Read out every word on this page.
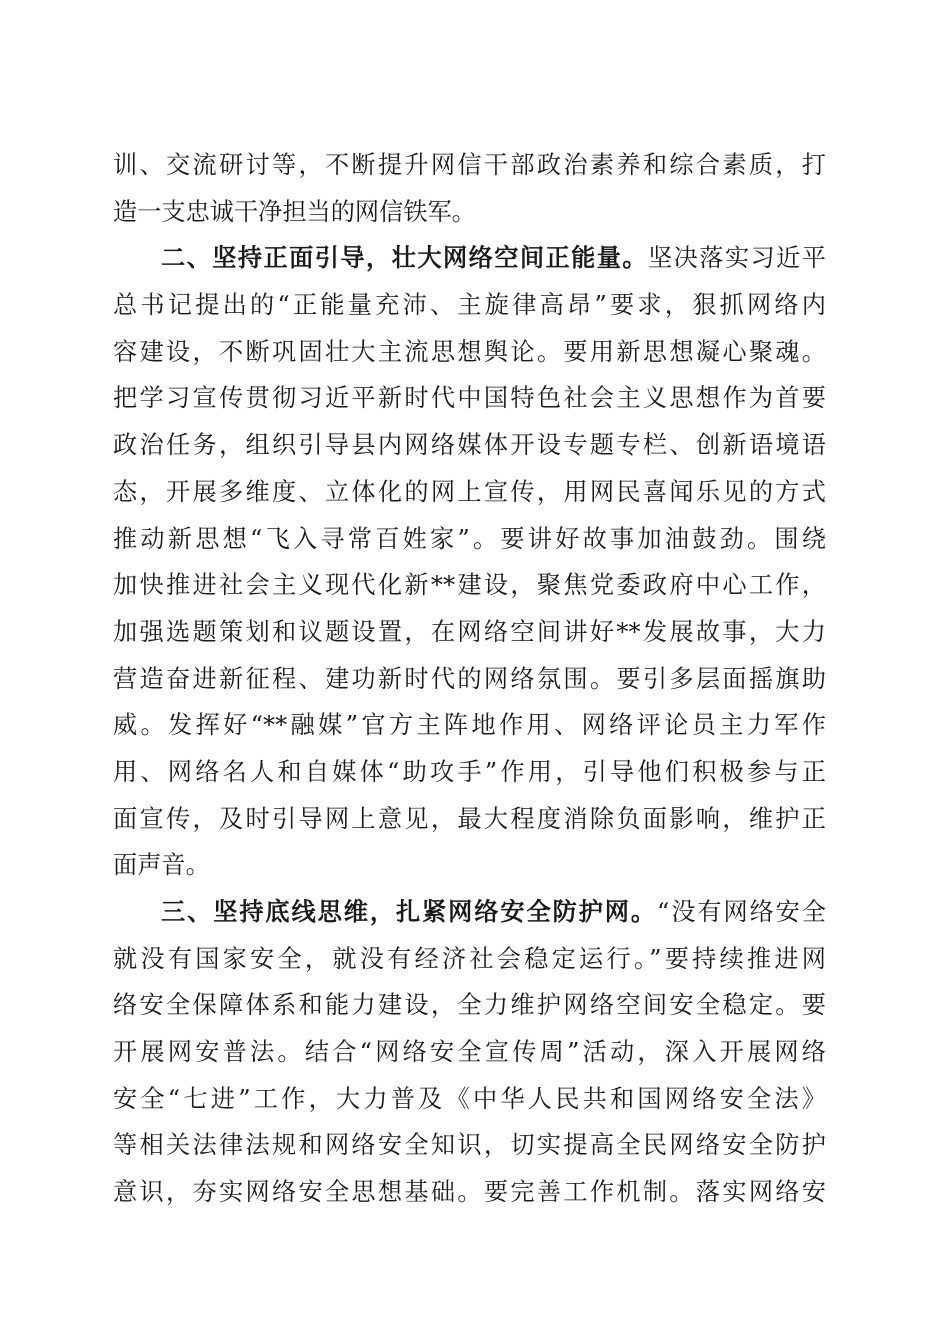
训、交流研讨等，不断提升网信干部政治素养和综合素质，打
造一支忠诚干净担当的网信铁军。
二、坚持正面引导，壮大网络空间正能量。坚决落实习近平
总书记提出的“正能量充沛、主旋律高昂”要求，狠抓网络内
容建设，不断巩固壮大主流思想舆论。要用新思想凝心聚魂。
把学习宣传贯彻习近平新时代中国特色社会主义思想作为首要
政治任务，组织引导县内网络媒体开设专题专栏、创新语境语
态，开展多维度、立体化的网上宣传，用网民喜闻乐见的方式
推动新思想“飞入寻常百姓家”。要讲好故事加油鼓劲。围绕
加快推进社会主义现代化新**建设，聚焦党委政府中心工作，
加强选题策划和议题设置，在网络空间讲好**发展故事，大力
营造奋进新征程、建功新时代的网络氛围。要引多层面摇旗助
威。发挥好“**融媒”官方主阵地作用、网络评论员主力军作
用、网络名人和自媒体“助攻手”作用，引导他们积极参与正
面宣传，及时引导网上意见，最大程度消除负面影响，维护正
面声音。
三、坚持底线思维，扎紧网络安全防护网。“没有网络安全
就没有国家安全，就没有经济社会稳定运行。”要持续推进网
络安全保障体系和能力建设，全力维护网络空间安全稳定。要
开展网安普法。结合“网络安全宣传周”活动，深入开展网络
安全“七进”工作，大力普及《中华人民共和国网络安全法》
等相关法律法规和网络安全知识，切实提高全民网络安全防护
意识，夯实网络安全思想基础。要完善工作机制。落实网络安
